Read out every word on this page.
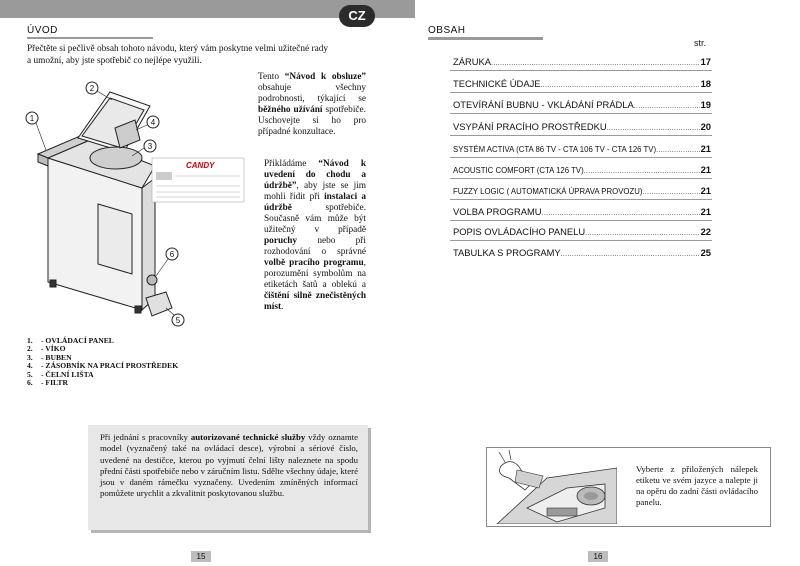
CZ
ÚVOD
Přečtěte si pečlivě obsah tohoto návodu, který vám poskytne velmi užitečné rady
a umožní, aby jste spotřebič co nejlépe využili.
CANDY
1
2
3
4
5
6

Tento “Návod k obsluze” obsahuje všechny podrobnosti, týkající se běžného užívání spotřebiče. Uschovejte si ho pro případné konzultace.

Přikládáme “Návod k uvedení do chodu a údržbě”, aby jste se jim mohli řídit při instalaci a údržbě spotřebiče. Současně vám může být užitečný v případě poruchy nebo při rozhodování o správné volbě pracího programu, porozumění symbolům na etiketách šatů a oblekú a čištění silně znečistěných míst.

1. - OVLÁDACÍ PANEL
2. - VÍKO
3. - BUBEN
4. - ZÁSOBNÍK NA PRACÍ PROSTŘEDEK
5. - ČELNÍ LIŠTA
6. - FILTR
Při jednání s pracovníky autorizované technické služby vždy oznamte model (vyznačený také na ovládací desce), výrobní a sériové číslo, uvedené na destičce, kterou po vyjmutí čelní lišty naleznete na spodu přední části spotřebiče nebo v záručním listu. Sdělte všechny údaje, které jsou v daném rámečku vyznačeny. Uvedením zmíněných informací pomůžete urychlit a zkvalitnit poskytovanou službu.
15
OBSAH
str.
ZÁRUKA .....	17
TECHNICKÉ ÚDAJE .....	18
OTEVÍRÁNÍ BUBNU - VKLÁDÁNÍ PRÁDLA .....	19
VSYPÁNÍ PRACÍHO PROSTŘEDKU .....	20
SYSTÉM ACTIVA (CTA 86 TV - CTA 106 TV - CTA 126 TV) .....	21
ACOUSTIC COMFORT (CTA 126 TV) .....	21
FUZZY LOGIC ( AUTOMATICKÁ ÚPRAVA PROVOZU) .....	21
VOLBA PROGRAMU .....	21
POPIS OVLÁDACÍHO PANELU .....	22
TABULKA S PROGRAMY .....	25
Vyberte z přiložených nálepek etiketu ve svém jazyce a nalepte ji na opěru do zadní části ovládacího panelu.
16
